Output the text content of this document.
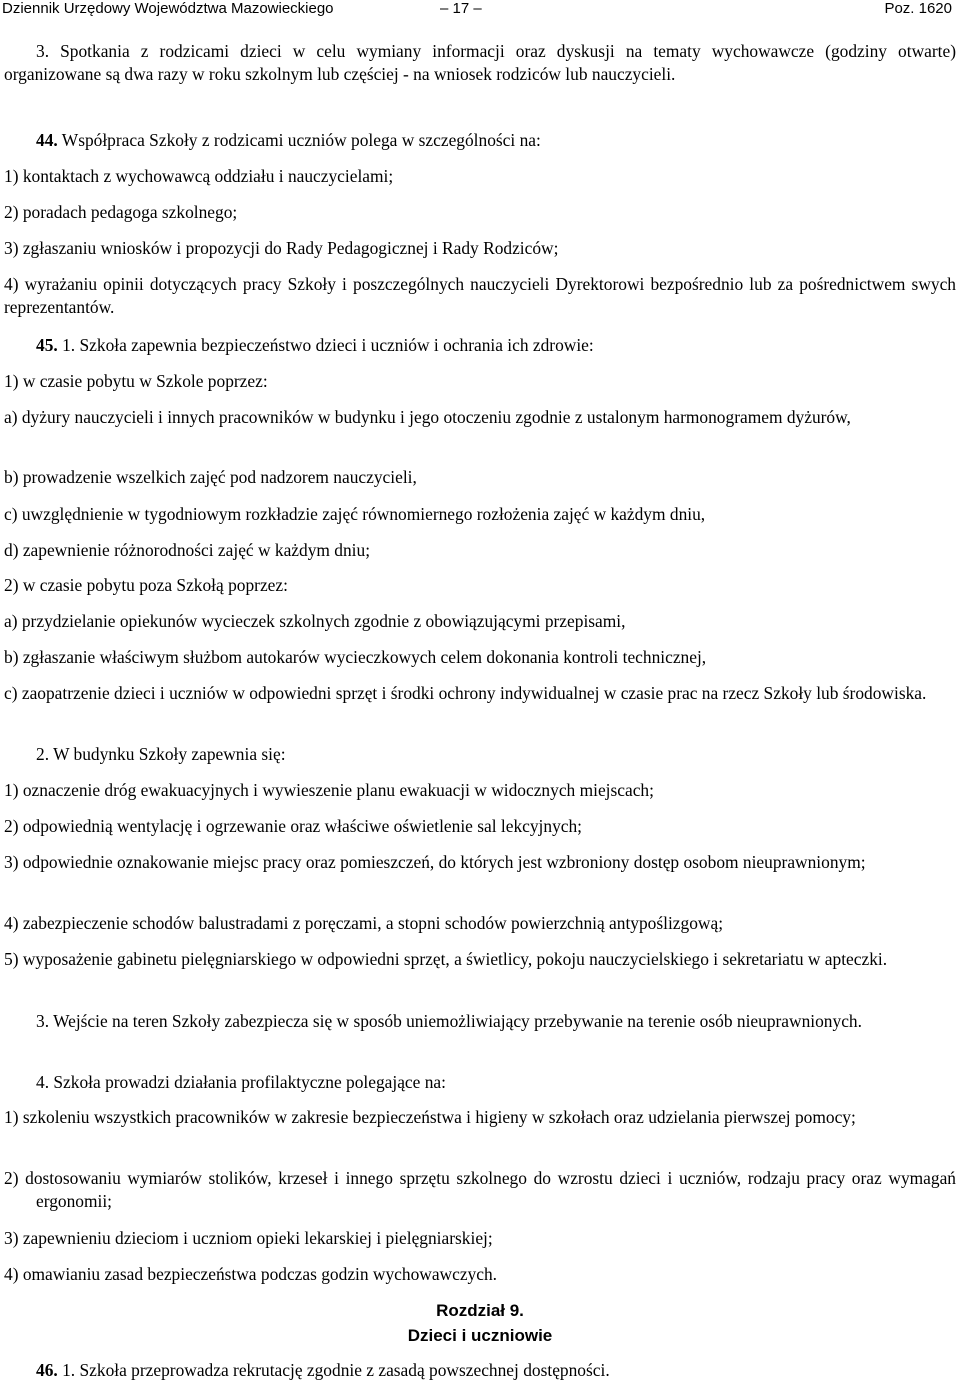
Dziennik Urzędowy Województwa Mazowieckiego	– 17 –	Poz. 1620
3. Spotkania z rodzicami dzieci w celu wymiany informacji oraz dyskusji na tematy wychowawcze (godziny otwarte) organizowane są dwa razy w roku szkolnym lub częściej - na wniosek rodziców lub nauczycieli.
44. Współpraca Szkoły z rodzicami uczniów polega w szczególności na:
1) kontaktach z wychowawcą oddziału i nauczycielami;
2) poradach pedagoga szkolnego;
3) zgłaszaniu wniosków i propozycji do Rady Pedagogicznej i Rady Rodziców;
4) wyrażaniu opinii dotyczących pracy Szkoły i poszczególnych nauczycieli Dyrektorowi bezpośrednio lub za pośrednictwem swych reprezentantów.
45. 1. Szkoła zapewnia bezpieczeństwo dzieci i uczniów i ochrania ich zdrowie:
1) w czasie pobytu w Szkole poprzez:
a) dyżury nauczycieli i innych pracowników w budynku i jego otoczeniu zgodnie z ustalonym harmonogramem dyżurów,
b) prowadzenie wszelkich zajęć pod nadzorem nauczycieli,
c) uwzględnienie w tygodniowym rozkładzie zajęć równomiernego rozłożenia zajęć w każdym dniu,
d) zapewnienie różnorodności zajęć w każdym dniu;
2) w czasie pobytu poza Szkołą poprzez:
a) przydzielanie opiekunów wycieczek szkolnych zgodnie z obowiązującymi przepisami,
b) zgłaszanie właściwym służbom autokarów wycieczkowych celem dokonania kontroli technicznej,
c) zaopatrzenie dzieci i uczniów w odpowiedni sprzęt i środki ochrony indywidualnej w czasie prac na rzecz Szkoły lub środowiska.
2. W budynku Szkoły zapewnia się:
1) oznaczenie dróg ewakuacyjnych i wywieszenie planu ewakuacji w widocznych miejscach;
2) odpowiednią wentylację i ogrzewanie oraz właściwe oświetlenie sal lekcyjnych;
3) odpowiednie oznakowanie miejsc pracy oraz pomieszczeń, do których jest wzbroniony dostęp osobom nieuprawnionym;
4) zabezpieczenie schodów balustradami z poręczami, a stopni schodów powierzchnią antypoślizgową;
5) wyposażenie gabinetu pielęgniarskiego w odpowiedni sprzęt, a świetlicy, pokoju nauczycielskiego i sekretariatu w apteczki.
3. Wejście na teren Szkoły zabezpiecza się w sposób uniemożliwiający przebywanie na terenie osób nieuprawnionych.
4. Szkoła prowadzi działania profilaktyczne polegające na:
1) szkoleniu wszystkich pracowników w zakresie bezpieczeństwa i higieny w szkołach oraz udzielania pierwszej pomocy;
2) dostosowaniu wymiarów stolików, krzeseł i innego sprzętu szkolnego do wzrostu dzieci i uczniów, rodzaju pracy oraz wymagań ergonomii;
3) zapewnieniu dzieciom i uczniom opieki lekarskiej i pielęgniarskiej;
4) omawianiu zasad bezpieczeństwa podczas godzin wychowawczych.
Rozdział 9.
Dzieci i uczniowie
46. 1. Szkoła przeprowadza rekrutację zgodnie z zasadą powszechnej dostępności.
